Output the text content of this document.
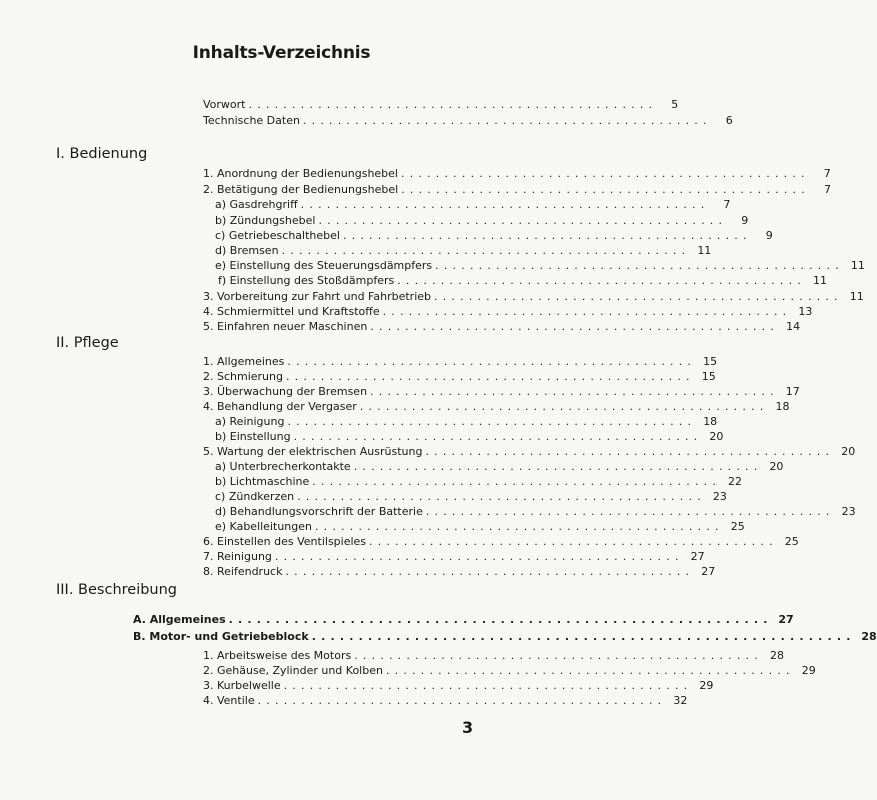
Inhalts-Verzeichnis
Vorwort ...............................................	5
Technische Daten ...............................................	6
I. Bedienung
1. Anordnung der Bedienungshebel ...............................................	7
2. Betätigung der Bedienungshebel ...............................................	7
a) Gasdrehgriff ...............................................	7
b) Zündungshebel ...............................................	9
c) Getriebeschalthebel ...............................................	9
d) Bremsen ............................................... 11
e) Einstellung des Steuerungsdämpfers ............................................... 11
f) Einstellung des Stoßdämpfers ............................................... 11
3. Vorbereitung zur Fahrt und Fahrbetrieb ............................................... 11
4. Schmiermittel und Kraftstoffe ............................................... 13
5. Einfahren neuer Maschinen ............................................... 14
II. Pflege
1. Allgemeines ............................................... 15
2. Schmierung ............................................... 15
3. Überwachung der Bremsen ............................................... 17
4. Behandlung der Vergaser ............................................... 18
a) Reinigung ............................................... 18
b) Einstellung ............................................... 20
5. Wartung der elektrischen Ausrüstung ............................................... 20
a) Unterbrecherkontakte ............................................... 20
b) Lichtmaschine ............................................... 22
c) Zündkerzen ............................................... 23
d) Behandlungsvorschrift der Batterie ............................................... 23
e) Kabelleitungen ............................................... 25
6. Einstellen des Ventilspieles ............................................... 25
7. Reinigung ............................................... 27
8. Reifendruck ............................................... 27
III. Beschreibung
A. Allgemeines .......................................................... 27
B. Motor- und Getriebeblock .......................................................... 28
1. Arbeitsweise des Motors ............................................... 28
2. Gehäuse, Zylinder und Kolben ............................................... 29
3. Kurbelwelle ............................................... 29
4. Ventile ............................................... 32
3
